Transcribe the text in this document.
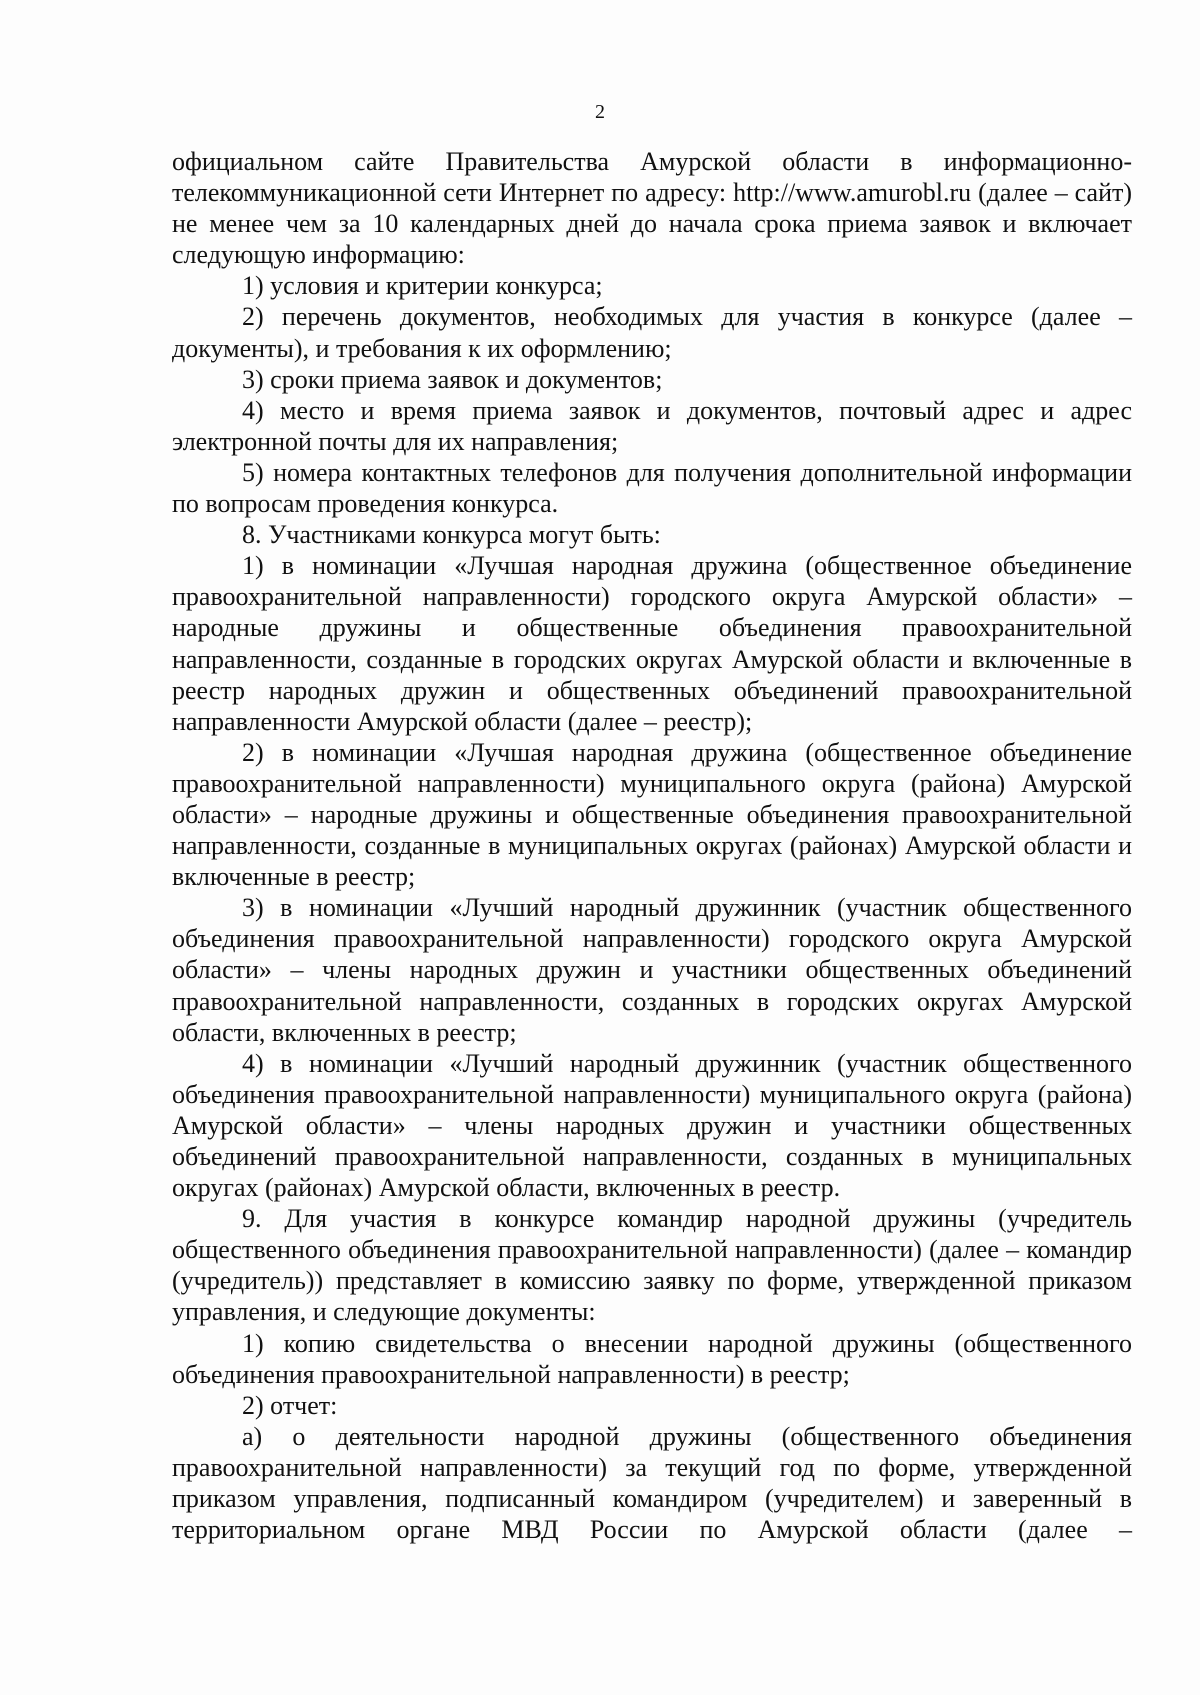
2

официальном сайте Правительства Амурской области в информационно-телекоммуникационной сети Интернет по адресу: http://www.amurobl.ru (далее – сайт) не менее чем за 10 календарных дней до начала срока приема заявок и включает следующую информацию:

1) условия и критерии конкурса;

2) перечень документов, необходимых для участия в конкурсе (далее – документы), и требования к их оформлению;

3) сроки приема заявок и документов;

4) место и время приема заявок и документов, почтовый адрес и адрес электронной почты для их направления;

5) номера контактных телефонов для получения дополнительной информации по вопросам проведения конкурса.

8. Участниками конкурса могут быть:

1) в номинации «Лучшая народная дружина (общественное объединение правоохранительной направленности) городского округа Амурской области» – народные дружины и общественные объединения правоохранительной направленности, созданные в городских округах Амурской области и включенные в реестр народных дружин и общественных объединений правоохранительной направленности Амурской области (далее – реестр);

2) в номинации «Лучшая народная дружина (общественное объединение правоохранительной направленности) муниципального округа (района) Амурской области» – народные дружины и общественные объединения правоохранительной направленности, созданные в муниципальных округах (районах) Амурской области и включенные в реестр;

3) в номинации «Лучший народный дружинник (участник общественного объединения правоохранительной направленности) городского округа Амурской области» – члены народных дружин и участники общественных объединений правоохранительной направленности, созданных в городских округах Амурской области, включенных в реестр;

4) в номинации «Лучший народный дружинник (участник общественного объединения правоохранительной направленности) муниципального округа (района) Амурской области» – члены народных дружин и участники общественных объединений правоохранительной направленности, созданных в муниципальных округах (районах) Амурской области, включенных в реестр.

9. Для участия в конкурсе командир народной дружины (учредитель общественного объединения правоохранительной направленности) (далее – командир (учредитель)) представляет в комиссию заявку по форме, утвержденной приказом управления, и следующие документы:

1) копию свидетельства о внесении народной дружины (общественного объединения правоохранительной направленности) в реестр;

2) отчет:

а) о деятельности народной дружины (общественного объединения правоохранительной направленности) за текущий год по форме, утвержденной приказом управления, подписанный командиром (учредителем) и заверенный в территориальном органе МВД России по Амурской области (далее –
